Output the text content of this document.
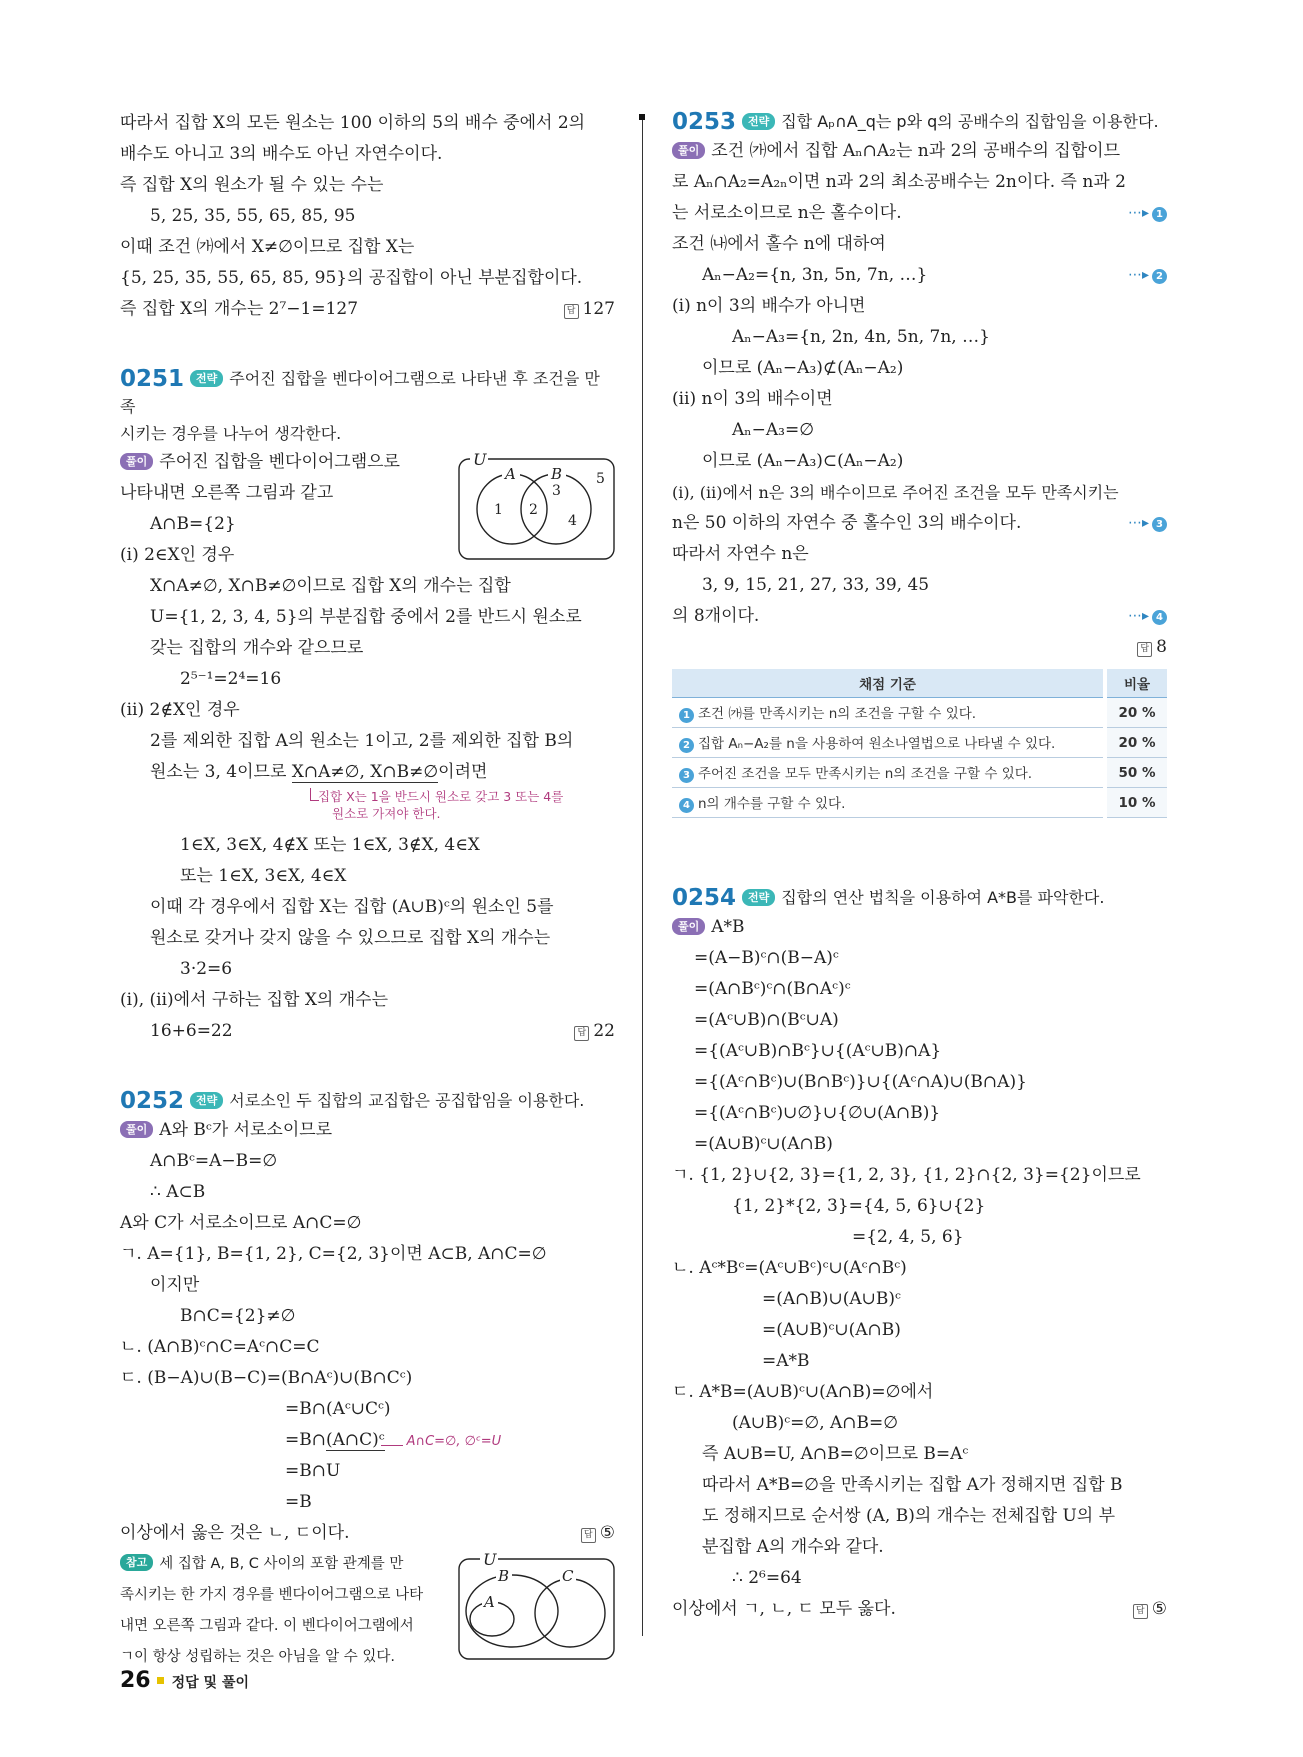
따라서 집합 X의 모든 원소는 100 이하의 5의 배수 중에서 2의
배수도 아니고 3의 배수도 아닌 자연수이다.
즉 집합 X의 원소가 될 수 있는 수는
5, 25, 35, 55, 65, 85, 95
이때 조건 ㈎에서 X≠∅이므로 집합 X는
{5, 25, 35, 55, 65, 85, 95}의 공집합이 아닌 부분집합이다.
즉 집합 X의 개수는 2⁷−1=127	답 127
0251 전략 주어진 집합을 벤다이어그램으로 나타낸 후 조건을 만족
시키는 경우를 나누어 생각한다.
U
A B
1 2
3
4
5
풀이 주어진 집합을 벤다이어그램으로
나타내면 오른쪽 그림과 같고
A∩B={2}
(ⅰ) 2∈X인 경우
X∩A≠∅, X∩B≠∅이므로 집합 X의 개수는 집합
U={1, 2, 3, 4, 5}의 부분집합 중에서 2를 반드시 원소로
갖는 집합의 개수와 같으므로
2⁵⁻¹=2⁴=16
(ⅱ) 2∉X인 경우
2를 제외한 집합 A의 원소는 1이고, 2를 제외한 집합 B의
원소는 3, 4이므로 X∩A≠∅, X∩B≠∅이려면
집합 X는 1을 반드시 원소로 갖고 3 또는 4를
원소로 가져야 한다.
1∈X, 3∈X, 4∉X 또는 1∈X, 3∉X, 4∈X
또는 1∈X, 3∈X, 4∈X
이때 각 경우에서 집합 X는 집합 (A∪B)ᶜ의 원소인 5를
원소로 갖거나 갖지 않을 수 있으므로 집합 X의 개수는
3·2=6
(ⅰ), (ⅱ)에서 구하는 집합 X의 개수는
16+6=22	답 22
0252 전략 서로소인 두 집합의 교집합은 공집합임을 이용한다.
풀이 A와 Bᶜ가 서로소이므로
A∩Bᶜ=A−B=∅
∴ A⊂B
A와 C가 서로소이므로 A∩C=∅
ㄱ. A={1}, B={1, 2}, C={2, 3}이면 A⊂B, A∩C=∅
이지만
B∩C={2}≠∅
ㄴ. (A∩B)ᶜ∩C=Aᶜ∩C=C
ㄷ. (B−A)∪(B−C)=(B∩Aᶜ)∪(B∩Cᶜ)
=B∩(Aᶜ∪Cᶜ)
=B∩(A∩C)ᶜ A∩C=∅, ∅ᶜ=U
=B∩U
=B
이상에서 옳은 것은 ㄴ, ㄷ이다.	답 ⑤
참고 세 집합 A, B, C 사이의 포함 관계를 만
족시키는 한 가지 경우를 벤다이어그램으로 나타
내면 오른쪽 그림과 같다. 이 벤다이어그램에서
ㄱ이 항상 성립하는 것은 아님을 알 수 있다.
U
B	C
A
0253 전략 집합 Aₚ∩A_q는 p와 q의 공배수의 집합임을 이용한다.
풀이 조건 ㈎에서 집합 Aₙ∩A₂는 n과 2의 공배수의 집합이므
로 Aₙ∩A₂=A₂ₙ이면 n과 2의 최소공배수는 2n이다. 즉 n과 2
는 서로소이므로 n은 홀수이다.	⋯▸ 1
조건 ㈏에서 홀수 n에 대하여
Aₙ−A₂={n, 3n, 5n, 7n, …}	⋯▸ 2
(ⅰ) n이 3의 배수가 아니면
Aₙ−A₃={n, 2n, 4n, 5n, 7n, …}
이므로 (Aₙ−A₃)⊄(Aₙ−A₂)
(ⅱ) n이 3의 배수이면
Aₙ−A₃=∅
이므로 (Aₙ−A₃)⊂(Aₙ−A₂)
(ⅰ), (ⅱ)에서 n은 3의 배수이므로 주어진 조건을 모두 만족시키는
n은 50 이하의 자연수 중 홀수인 3의 배수이다.	⋯▸ 3
따라서 자연수 n은
3, 9, 15, 21, 27, 33, 39, 45
의 8개이다.	⋯▸ 4
답 8
채점 기준	비율
1 조건 ㈎를 만족시키는 n의 조건을 구할 수 있다.	20 %
2 집합 Aₙ−A₂를 n을 사용하여 원소나열법으로 나타낼 수 있다.	20 %
3 주어진 조건을 모두 만족시키는 n의 조건을 구할 수 있다.	50 %
4 n의 개수를 구할 수 있다.	10 %
0254 전략 집합의 연산 법칙을 이용하여 A*B를 파악한다.
풀이 A*B
=(A−B)ᶜ∩(B−A)ᶜ
=(A∩Bᶜ)ᶜ∩(B∩Aᶜ)ᶜ
=(Aᶜ∪B)∩(Bᶜ∪A)
={(Aᶜ∪B)∩Bᶜ}∪{(Aᶜ∪B)∩A}
={(Aᶜ∩Bᶜ)∪(B∩Bᶜ)}∪{(Aᶜ∩A)∪(B∩A)}
={(Aᶜ∩Bᶜ)∪∅}∪{∅∪(A∩B)}
=(A∪B)ᶜ∪(A∩B)
ㄱ. {1, 2}∪{2, 3}={1, 2, 3}, {1, 2}∩{2, 3}={2}이므로
{1, 2}*{2, 3}={4, 5, 6}∪{2}
={2, 4, 5, 6}
ㄴ. Aᶜ*Bᶜ=(Aᶜ∪Bᶜ)ᶜ∪(Aᶜ∩Bᶜ)
=(A∩B)∪(A∪B)ᶜ
=(A∪B)ᶜ∪(A∩B)
=A*B
ㄷ. A*B=(A∪B)ᶜ∪(A∩B)=∅에서
(A∪B)ᶜ=∅, A∩B=∅
즉 A∪B=U, A∩B=∅이므로 B=Aᶜ
따라서 A*B=∅을 만족시키는 집합 A가 정해지면 집합 B
도 정해지므로 순서쌍 (A, B)의 개수는 전체집합 U의 부
분집합 A의 개수와 같다.
∴ 2⁶=64
이상에서 ㄱ, ㄴ, ㄷ 모두 옳다.	답 ⑤
26 정답 및 풀이
